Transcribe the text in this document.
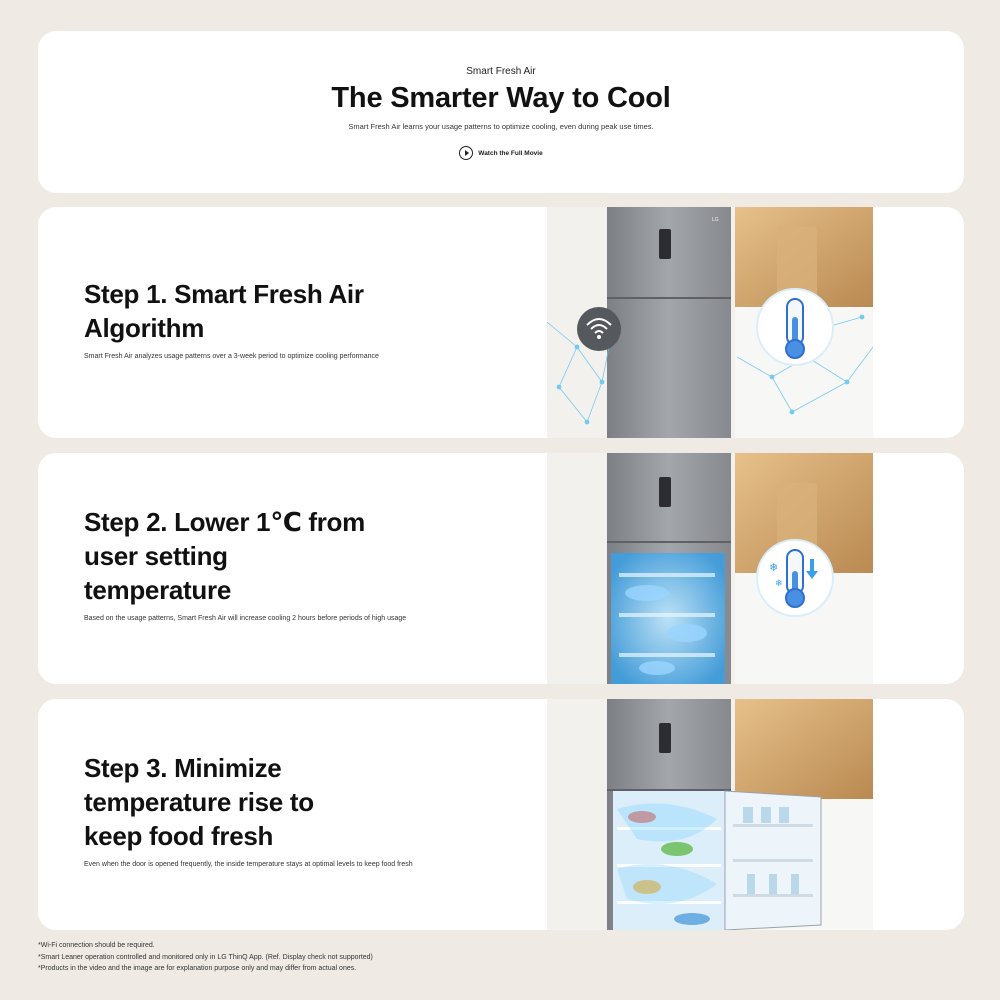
Smart Fresh Air
The Smarter Way to Cool
Smart Fresh Air learns your usage patterns to optimize cooling, even during peak use times.
Watch the Full Movie
Step 1. Smart Fresh Air
Algorithm
Smart Fresh Air analyzes usage patterns over a 3-week period to optimize cooling performance
LG
Step 2. Lower 1℃ from
user setting
temperature
Based on the usage patterns, Smart Fresh Air will increase cooling 2 hours before periods of high usage
❄
❄
Step 3. Minimize
temperature rise to
keep food fresh
Even when the door is opened frequently, the inside temperature stays at optimal levels to keep food fresh
*Wi-Fi connection should be required.
*Smart Leaner operation controlled and monitored only in LG ThinQ App. (Ref. Display check not supported)
*Products in the video and the image are for explanation purpose only and may differ from actual ones.
